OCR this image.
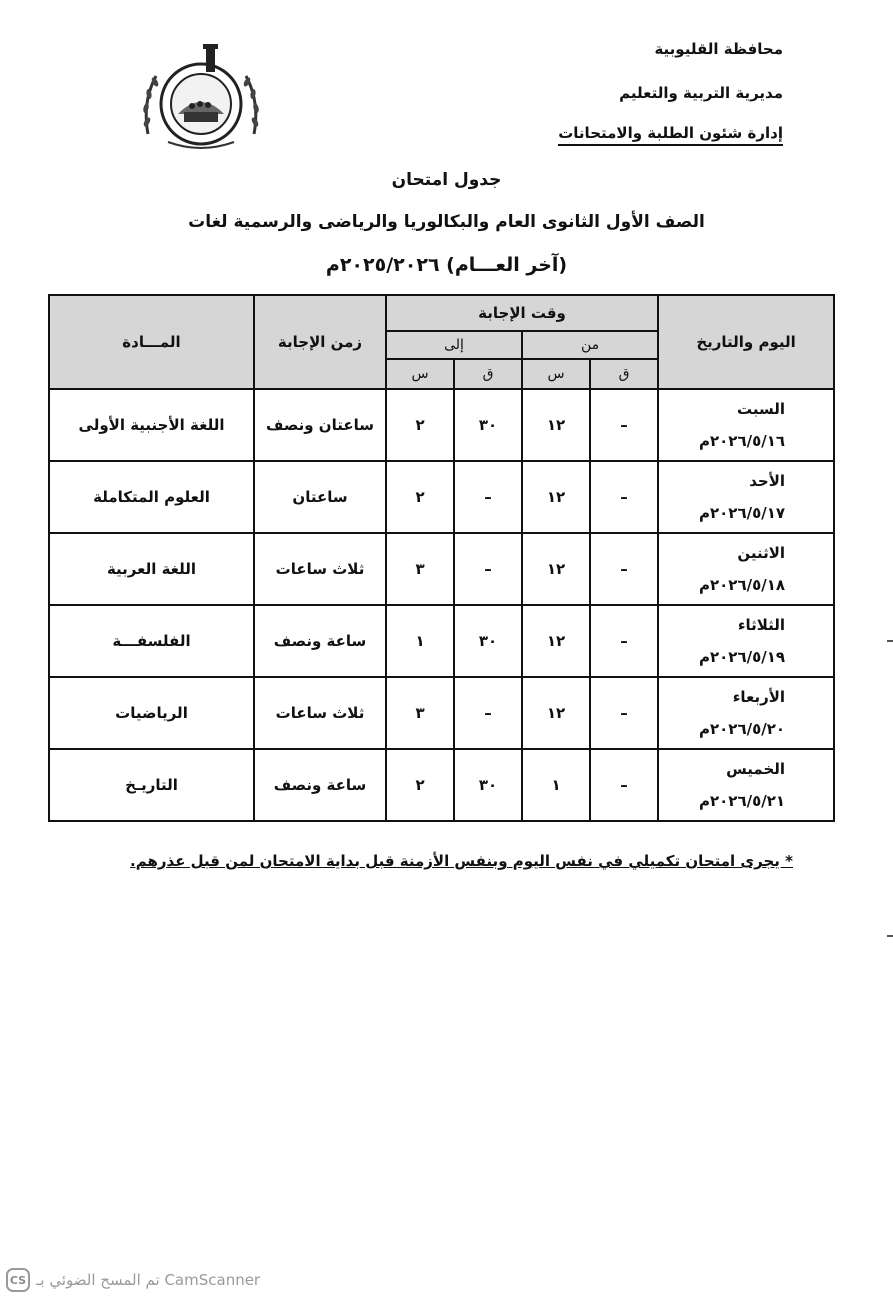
محافظة القليوبية
مديرية التربية والتعليم
إدارة شئون الطلبة والامتحانات
جدول امتحان
الصف الأول الثانوى العام والبكالوريا والرياضى والرسمية لغات
(آخر العـــام) ٢٠٢٥/٢٠٢٦م
اليوم والتاريخ	وقت الإجابة				زمن الإجابة	المـــادة
	من		إلى			
	ق	س	ق	س		
السبت
٢٠٢٦/٥/١٦م	–	١٢	٣٠	٢	ساعتان ونصف	اللغة الأجنبية الأولى
الأحد
٢٠٢٦/٥/١٧م	–	١٢	–	٢	ساعتان	العلوم المتكاملة
الاثنين
٢٠٢٦/٥/١٨م	–	١٢	–	٣	ثلاث ساعات	اللغة العربية
الثلاثاء
٢٠٢٦/٥/١٩م	–	١٢	٣٠	١	ساعة ونصف	الفلسفـــة
الأربعاء
٢٠٢٦/٥/٢٠م	–	١٢	–	٣	ثلاث ساعات	الرياضيات
الخميس
٢٠٢٦/٥/٢١م	–	١	٣٠	٢	ساعة ونصف	التاريـخ
* يجرى امتحان تكميلي في نفس اليوم وبنفس الأزمنة قبل بداية الامتحان لمن قبل عذرهم.
CS تم المسح الضوئي بـ CamScanner
